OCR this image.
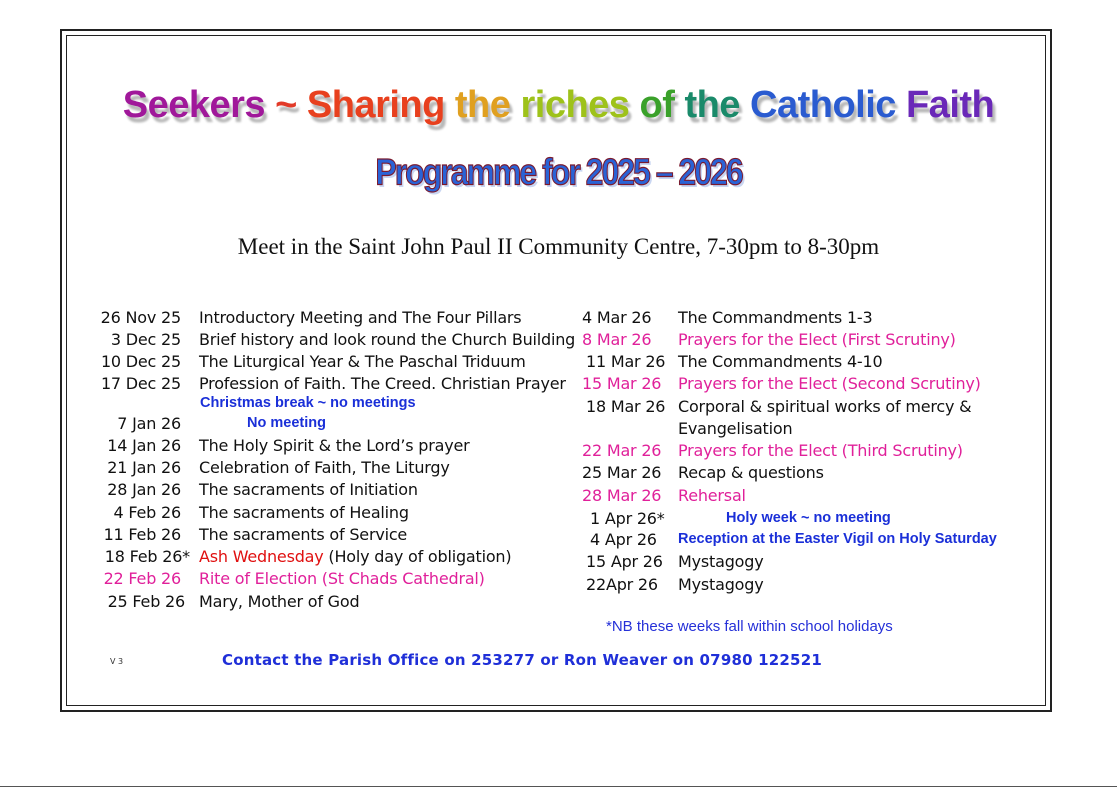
Seekers ~ Sharing the riches of the Catholic Faith
Programme for 2025 – 2026
Meet in the Saint John Paul II Community Centre, 7-30pm to 8-30pm
26 Nov 25 Introductory Meeting and The Four Pillars
3 Dec 25 Brief history and look round the Church Building
10 Dec 25 The Liturgical Year & The Paschal Triduum
17 Dec 25 Profession of Faith. The Creed. Christian Prayer
Christmas break ~ no meetings
7 Jan 26	No meeting
14 Jan 26 The Holy Spirit & the Lord’s prayer
21 Jan 26 Celebration of Faith, The Liturgy
28 Jan 26 The sacraments of Initiation
4 Feb 26 The sacraments of Healing
11 Feb 26 The sacraments of Service
18 Feb 26* Ash Wednesday (Holy day of obligation)
22 Feb 26 Rite of Election (St Chads Cathedral)
25 Feb 26 Mary, Mother of God
4 Mar 26 The Commandments 1-3
8 Mar 26 Prayers for the Elect (First Scrutiny)
11 Mar 26 The Commandments 4-10
15 Mar 26 Prayers for the Elect (Second Scrutiny)
18 Mar 26 Corporal & spiritual works of mercy &
Evangelisation
22 Mar 26 Prayers for the Elect (Third Scrutiny)
25 Mar 26 Recap & questions
28 Mar 26 Rehersal
1 Apr 26*	Holy week ~ no meeting
4 Apr 26 Reception at the Easter Vigil on Holy Saturday
15 Apr 26 Mystagogy
22Apr 26 Mystagogy
*NB these weeks fall within school holidays
V 3	Contact the Parish Office on 253277 or Ron Weaver on 07980 122521
